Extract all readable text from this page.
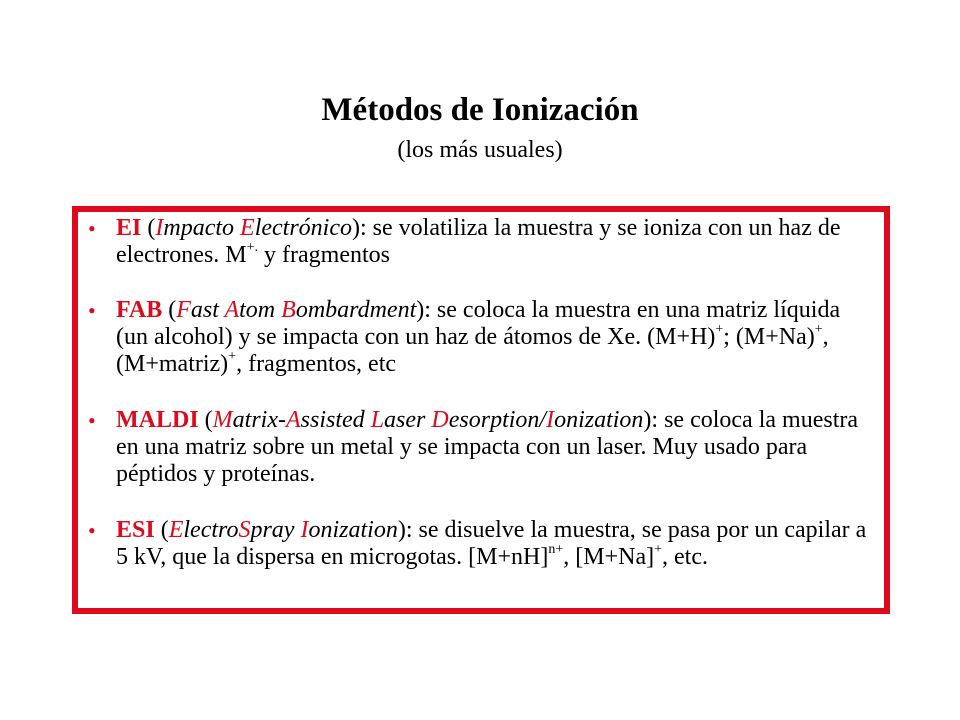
Métodos de Ionización
(los más usuales)
• EI (Impacto Electrónico): se volatiliza la muestra y se ioniza con un haz de electrones. M+. y fragmentos
• FAB (Fast Atom Bombardment): se coloca la muestra en una matriz líquida (un alcohol) y se impacta con un haz de átomos de Xe. (M+H)+; (M+Na)+, (M+matriz)+, fragmentos, etc
• MALDI (Matrix-Assisted Laser Desorption/Ionization): se coloca la muestra en una matriz sobre un metal y se impacta con un laser. Muy usado para péptidos y proteínas.
• ESI (ElectroSpray Ionization): se disuelve la muestra, se pasa por un capilar a 5 kV, que la dispersa en microgotas. $[M+nH]^{n+}$, [M+Na]+, etc.
